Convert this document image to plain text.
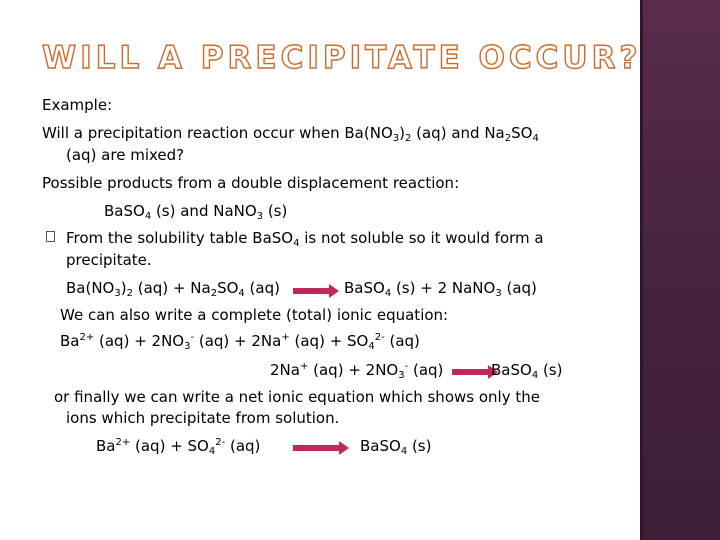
WILL A PRECIPITATE OCCUR?
Example:
Will a precipitation reaction occur when $Ba(NO_3)_2$ (aq) and $Na_2SO_4$
(aq) are mixed?
Possible products from a double displacement reaction:
BaSO$_4$ (s) and NaNO$_3$ (s)
From the solubility table BaSO$_4$ is not soluble so it would form a
precipitate.
$Ba(NO_3)_2$ $(aq) + Na_2SO_4$ (aq) → BaSO$_4$ (s) + 2 NaNO$_3$ (aq)
We can also write a complete (total) ionic equation:
$Ba^{2+}$ $(aq) + 2NO_3^-$ (aq) + 2Na+ $(aq) + SO_4^{2-}$ (aq)
2Na+ $(aq) + 2NO_3^-$ (aq) →
BaSO$_4$ (s)
or finally we can write a net ionic equation which shows only the
ions which precipitate from solution.
$Ba^{2+}$ $(aq) + SO_4^{2-}$ (aq) → BaSO$_4$ (s)
